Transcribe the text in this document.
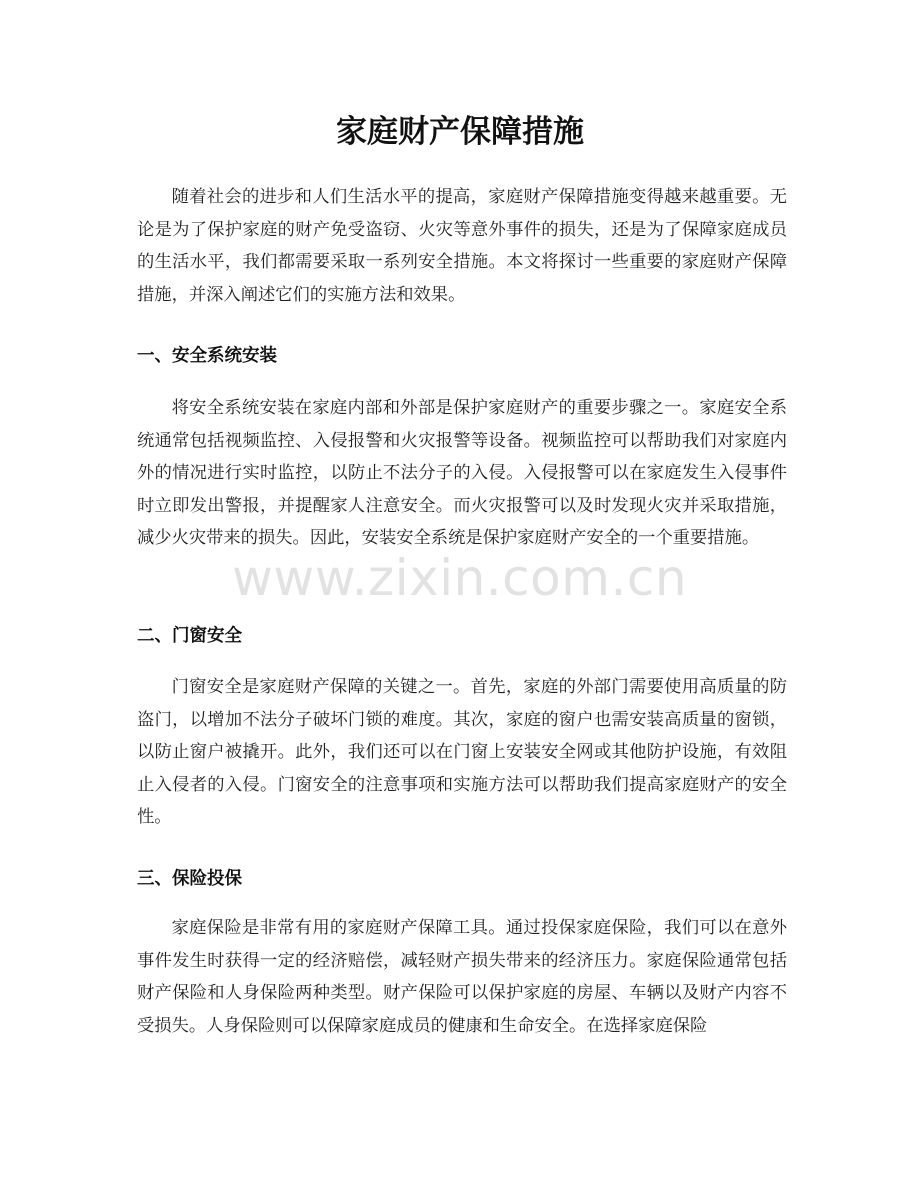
家庭财产保障措施

随着社会的进步和人们生活水平的提高，家庭财产保障措施变得越来越重要。无论是为了保护家庭的财产免受盗窃、火灾等意外事件的损失，还是为了保障家庭成员的生活水平，我们都需要采取一系列安全措施。本文将探讨一些重要的家庭财产保障措施，并深入阐述它们的实施方法和效果。

一、安全系统安装

将安全系统安装在家庭内部和外部是保护家庭财产的重要步骤之一。家庭安全系统通常包括视频监控、入侵报警和火灾报警等设备。视频监控可以帮助我们对家庭内外的情况进行实时监控，以防止不法分子的入侵。入侵报警可以在家庭发生入侵事件时立即发出警报，并提醒家人注意安全。而火灾报警可以及时发现火灾并采取措施，减少火灾带来的损失。因此，安装安全系统是保护家庭财产安全的一个重要措施。

二、门窗安全

门窗安全是家庭财产保障的关键之一。首先，家庭的外部门需要使用高质量的防盗门，以增加不法分子破坏门锁的难度。其次，家庭的窗户也需安装高质量的窗锁，以防止窗户被撬开。此外，我们还可以在门窗上安装安全网或其他防护设施，有效阻止入侵者的入侵。门窗安全的注意事项和实施方法可以帮助我们提高家庭财产的安全性。

三、保险投保

家庭保险是非常有用的家庭财产保障工具。通过投保家庭保险，我们可以在意外事件发生时获得一定的经济赔偿，减轻财产损失带来的经济压力。家庭保险通常包括财产保险和人身保险两种类型。财产保险可以保护家庭的房屋、车辆以及财产内容不受损失。人身保险则可以保障家庭成员的健康和生命安全。在选择家庭保险

www.zixin.com.cn
